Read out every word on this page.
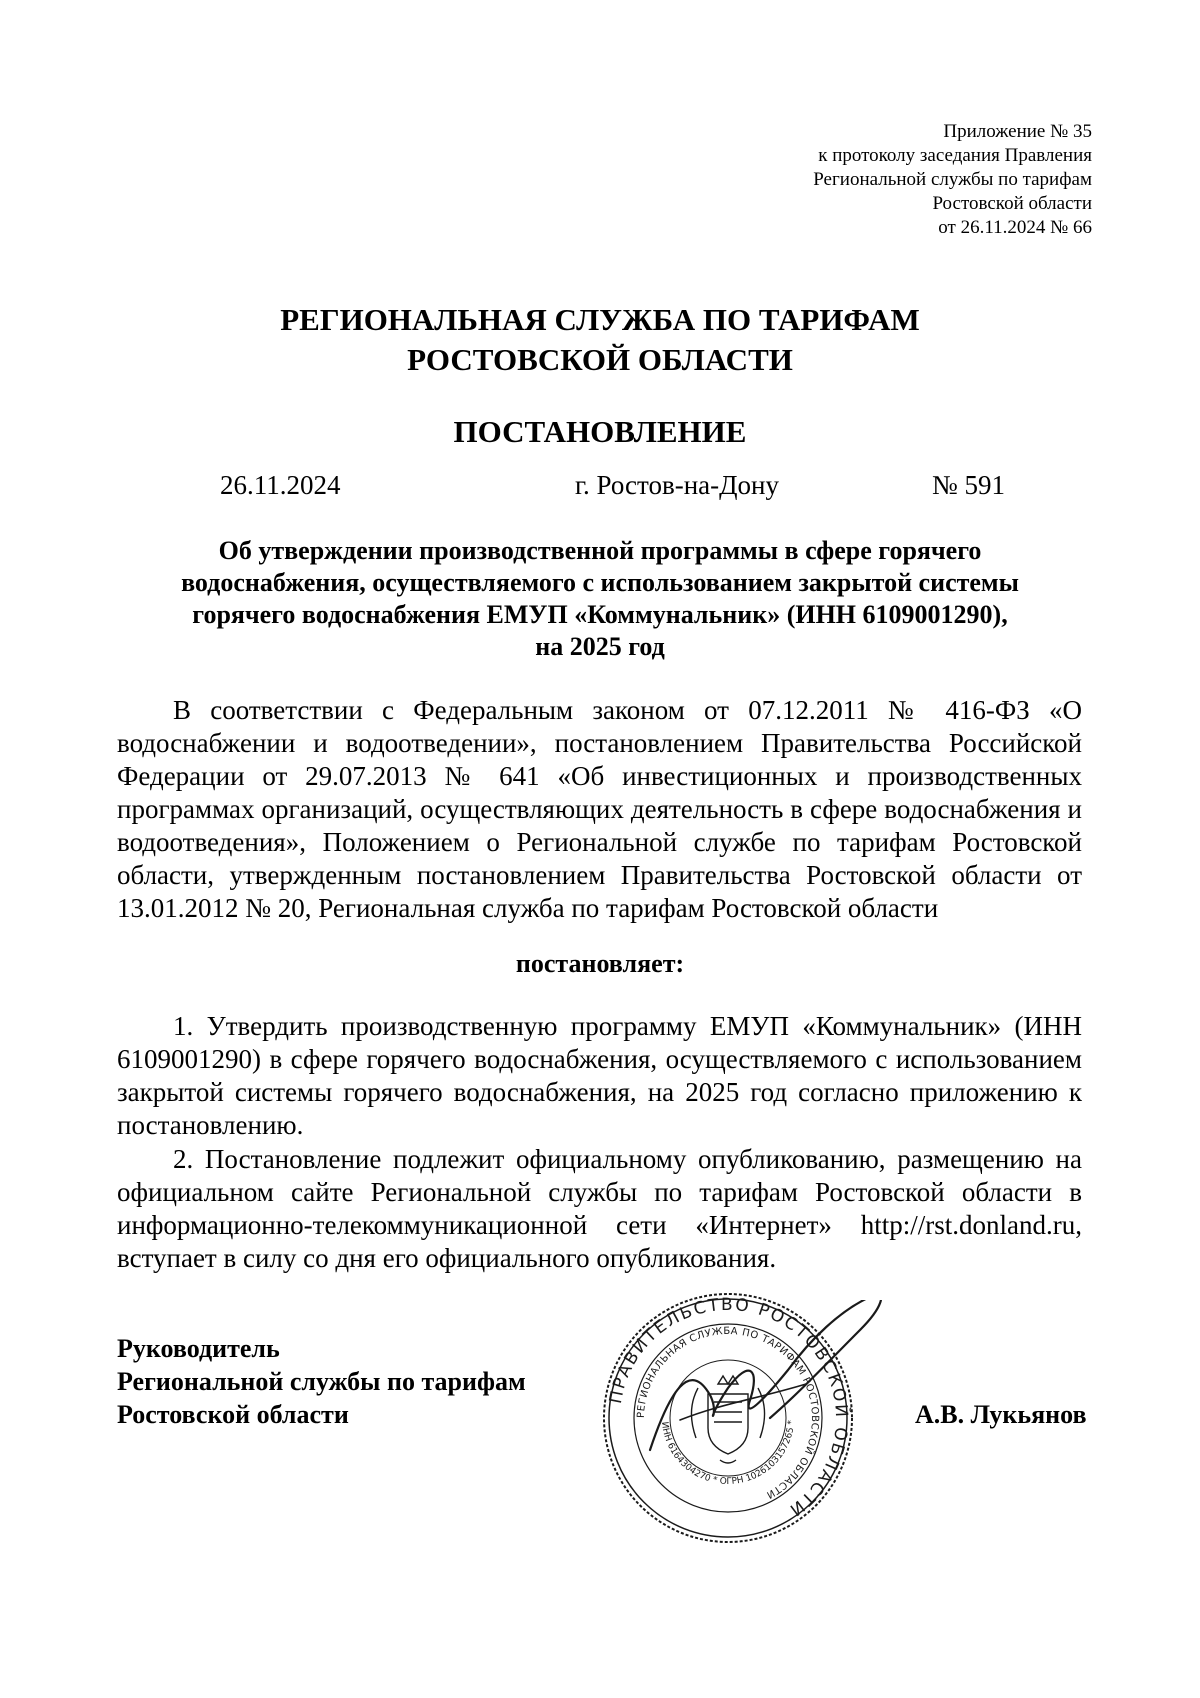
Приложение № 35
к протоколу заседания Правления
Региональной службы по тарифам
Ростовской области
от 26.11.2024 № 66
РЕГИОНАЛЬНАЯ СЛУЖБА ПО ТАРИФАМ
РОСТОВСКОЙ ОБЛАСТИ
ПОСТАНОВЛЕНИЕ
26.11.2024	г. Ростов-на-Дону	№ 591
Об утверждении производственной программы в сфере горячего
водоснабжения, осуществляемого с использованием закрытой системы
горячего водоснабжения ЕМУП «Коммунальник» (ИНН 6109001290),
на 2025 год

В соответствии с Федеральным законом от 07.12.2011 № 416-ФЗ «О водоснабжении и водоотведении», постановлением Правительства Российской Федерации от 29.07.2013 № 641 «Об инвестиционных и производственных программах организаций, осуществляющих деятельность в сфере водоснабжения и водоотведения», Положением о Региональной службе по тарифам Ростовской области, утвержденным постановлением Правительства Ростовской области от 13.01.2012 № 20, Региональная служба по тарифам Ростовской области

постановляет:

1. Утвердить производственную программу ЕМУП «Коммунальник» (ИНН 6109001290) в сфере горячего водоснабжения, осуществляемого с использованием закрытой системы горячего водоснабжения, на 2025 год согласно приложению к постановлению.

2. Постановление подлежит официальному опубликованию, размещению на официальном сайте Региональной службы по тарифам Ростовской области в информационно-телекоммуникационной сети «Интернет» http://rst.donland.ru, вступает в силу со дня его официального опубликования.

Руководитель
Региональной службы по тарифам
Ростовской области
ПРАВИТЕЛЬСТВО РОСТОВСКОЙ ОБЛАСТИ
РЕГИОНАЛЬНАЯ СЛУЖБА ПО ТАРИФАМ РОСТОВСКОЙ ОБЛАСТИ
ИНН 6164304270 * ОГРН 1026103157265 *	А.В. Лукьянов
